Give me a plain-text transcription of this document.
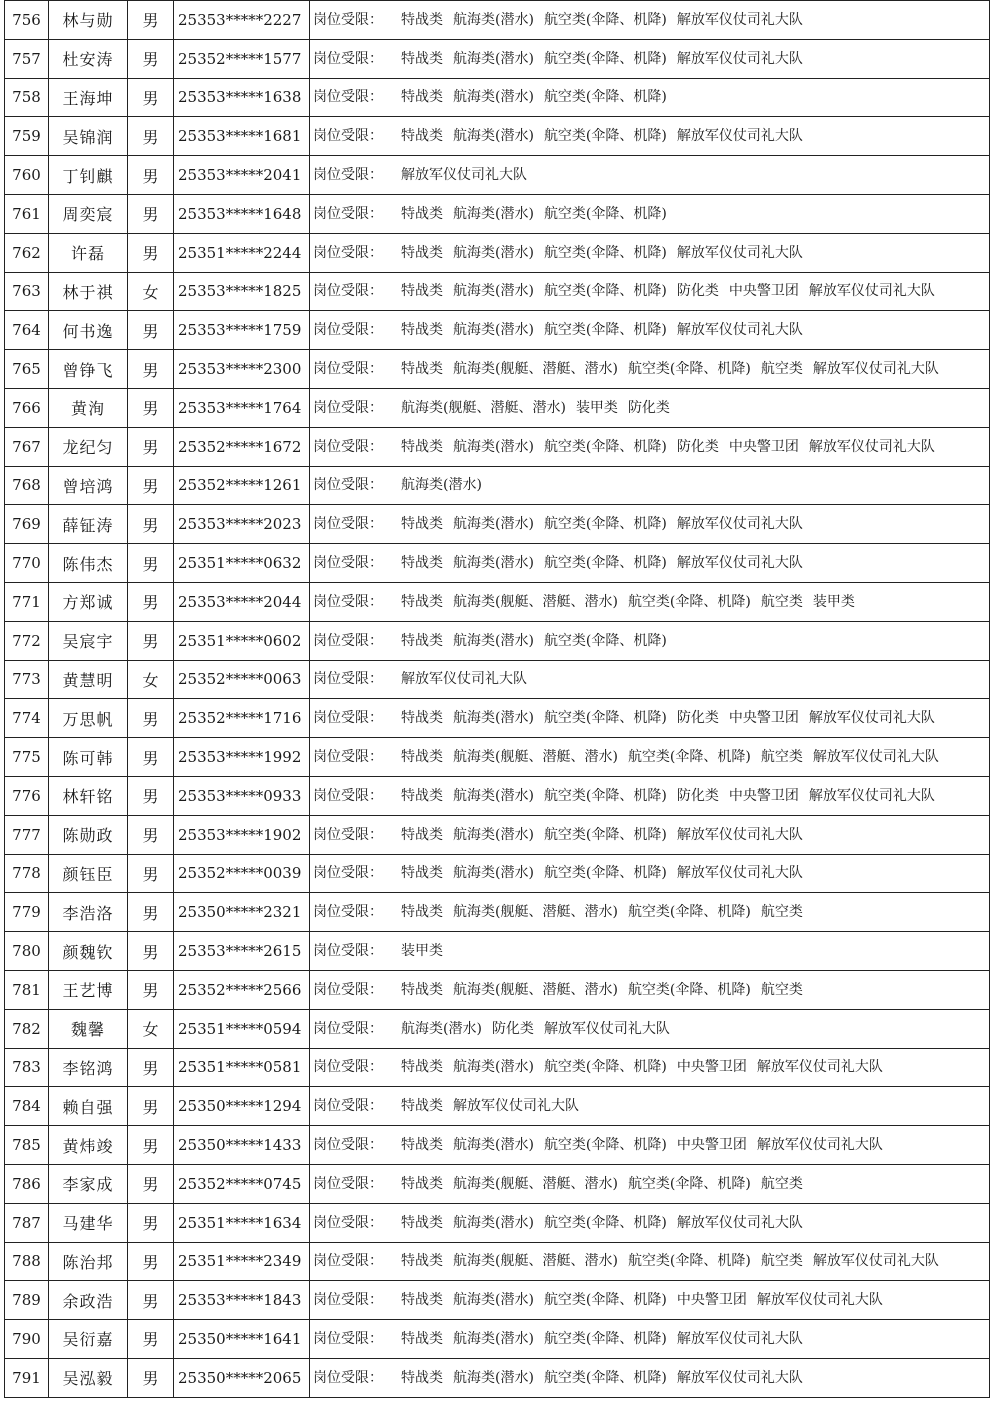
756	林与勋	男	25353*****2227	岗位受限： 特战类 航海类(潜水) 航空类(伞降、机降) 解放军仪仗司礼大队
757	杜安涛	男	25352*****1577	岗位受限： 特战类 航海类(潜水) 航空类(伞降、机降) 解放军仪仗司礼大队
758	王海坤	男	25353*****1638	岗位受限： 特战类 航海类(潜水) 航空类(伞降、机降)
759	吴锦润	男	25353*****1681	岗位受限： 特战类 航海类(潜水) 航空类(伞降、机降) 解放军仪仗司礼大队
760	丁钊麒	男	25353*****2041	岗位受限： 解放军仪仗司礼大队
761	周奕宸	男	25353*****1648	岗位受限： 特战类 航海类(潜水) 航空类(伞降、机降)
762	许磊	男	25351*****2244	岗位受限： 特战类 航海类(潜水) 航空类(伞降、机降) 解放军仪仗司礼大队
763	林于祺	女	25353*****1825	岗位受限： 特战类 航海类(潜水) 航空类(伞降、机降) 防化类 中央警卫团 解放军仪仗司礼大队
764	何书逸	男	25353*****1759	岗位受限： 特战类 航海类(潜水) 航空类(伞降、机降) 解放军仪仗司礼大队
765	曾铮飞	男	25353*****2300	岗位受限： 特战类 航海类(舰艇、潜艇、潜水) 航空类(伞降、机降) 航空类 解放军仪仗司礼大队
766	黄洵	男	25353*****1764	岗位受限： 航海类(舰艇、潜艇、潜水) 装甲类 防化类
767	龙纪匀	男	25352*****1672	岗位受限： 特战类 航海类(潜水) 航空类(伞降、机降) 防化类 中央警卫团 解放军仪仗司礼大队
768	曾培鸿	男	25352*****1261	岗位受限： 航海类(潜水)
769	薛钲涛	男	25353*****2023	岗位受限： 特战类 航海类(潜水) 航空类(伞降、机降) 解放军仪仗司礼大队
770	陈伟杰	男	25351*****0632	岗位受限： 特战类 航海类(潜水) 航空类(伞降、机降) 解放军仪仗司礼大队
771	方郑诚	男	25353*****2044	岗位受限： 特战类 航海类(舰艇、潜艇、潜水) 航空类(伞降、机降) 航空类 装甲类
772	吴宸宇	男	25351*****0602	岗位受限： 特战类 航海类(潜水) 航空类(伞降、机降)
773	黄慧明	女	25352*****0063	岗位受限： 解放军仪仗司礼大队
774	万思帆	男	25352*****1716	岗位受限： 特战类 航海类(潜水) 航空类(伞降、机降) 防化类 中央警卫团 解放军仪仗司礼大队
775	陈可韩	男	25353*****1992	岗位受限： 特战类 航海类(舰艇、潜艇、潜水) 航空类(伞降、机降) 航空类 解放军仪仗司礼大队
776	林轩铭	男	25353*****0933	岗位受限： 特战类 航海类(潜水) 航空类(伞降、机降) 防化类 中央警卫团 解放军仪仗司礼大队
777	陈勋政	男	25353*****1902	岗位受限： 特战类 航海类(潜水) 航空类(伞降、机降) 解放军仪仗司礼大队
778	颜钰臣	男	25352*****0039	岗位受限： 特战类 航海类(潜水) 航空类(伞降、机降) 解放军仪仗司礼大队
779	李浩洛	男	25350*****2321	岗位受限： 特战类 航海类(舰艇、潜艇、潜水) 航空类(伞降、机降) 航空类
780	颜魏钦	男	25353*****2615	岗位受限： 装甲类
781	王艺博	男	25352*****2566	岗位受限： 特战类 航海类(舰艇、潜艇、潜水) 航空类(伞降、机降) 航空类
782	魏馨	女	25351*****0594	岗位受限： 航海类(潜水) 防化类 解放军仪仗司礼大队
783	李铭鸿	男	25351*****0581	岗位受限： 特战类 航海类(潜水) 航空类(伞降、机降) 中央警卫团 解放军仪仗司礼大队
784	赖自强	男	25350*****1294	岗位受限： 特战类 解放军仪仗司礼大队
785	黄炜竣	男	25350*****1433	岗位受限： 特战类 航海类(潜水) 航空类(伞降、机降) 中央警卫团 解放军仪仗司礼大队
786	李家成	男	25352*****0745	岗位受限： 特战类 航海类(舰艇、潜艇、潜水) 航空类(伞降、机降) 航空类
787	马建华	男	25351*****1634	岗位受限： 特战类 航海类(潜水) 航空类(伞降、机降) 解放军仪仗司礼大队
788	陈治邦	男	25351*****2349	岗位受限： 特战类 航海类(舰艇、潜艇、潜水) 航空类(伞降、机降) 航空类 解放军仪仗司礼大队
789	余政浩	男	25353*****1843	岗位受限： 特战类 航海类(潜水) 航空类(伞降、机降) 中央警卫团 解放军仪仗司礼大队
790	吴衍嘉	男	25350*****1641	岗位受限： 特战类 航海类(潜水) 航空类(伞降、机降) 解放军仪仗司礼大队
791	吴泓毅	男	25350*****2065	岗位受限： 特战类 航海类(潜水) 航空类(伞降、机降) 解放军仪仗司礼大队
